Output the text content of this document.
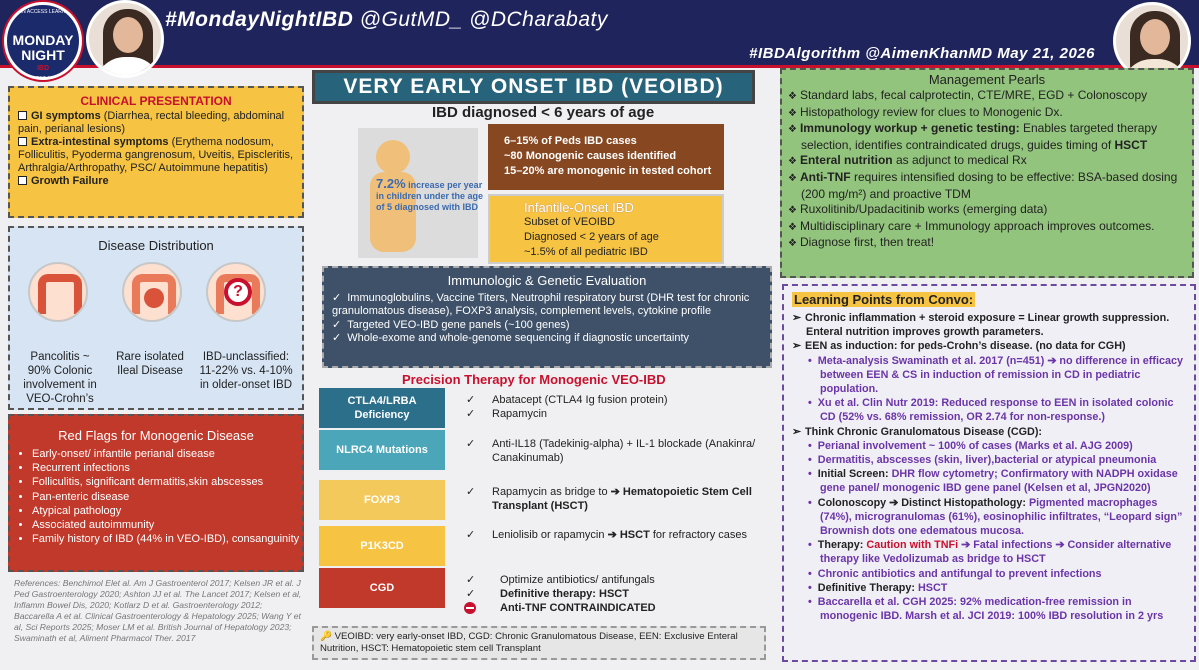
#MondayNightIBD @GutMD_ @DCharabaty
#IBDAlgorithm @AimenKhanMD May 21, 2026
OPEN ACCESS LEARNING
MONDAY NIGHT
IBD
ONE TWEET AT A TIME
CLINICAL PRESENTATION
GI symptoms (Diarrhea, rectal bleeding, abdominal pain, perianal lesions)
Extra-intestinal symptoms (Erythema nodosum, Folliculitis, Pyoderma gangrenosum, Uveitis, Episcleritis, Arthralgia/Arthropathy, PSC/ Autoimmune hepatitis)
Growth Failure
Disease Distribution
?
Pancolitis ~ 90% Colonic involvement in VEO-Crohn’s
Rare isolated Ileal Disease
IBD-unclassified: 11-22% vs. 4-10% in older-onset IBD
Red Flags for Monogenic Disease
• Early-onset/ infantile perianal disease
• Recurrent infections
• Folliculitis, significant dermatitis,skin abscesses
• Pan-enteric disease
• Atypical pathology
• Associated autoimmunity
• Family history of IBD (44% in VEO-IBD), consanguinity
References: Benchimol Elet al. Am J Gastroenterol 2017; Kelsen JR et al. J Ped Gastroenterology 2020; Ashton JJ et al. The Lancet 2017; Kelsen et al, Inflamm Bowel Dis, 2020; Kotlarz D et al. Gastroenterology 2012; Baccarella A et al. Clinical Gastroenterology & Hepatology 2025; Wang Y et al, Sci Reports 2025; Moser LM et al. British Journal of Hepatology 2023; Swaminath et al, Aliment Pharmacol Ther. 2017
VERY EARLY ONSET IBD (VEOIBD)
IBD diagnosed < 6 years of age
7.2% increase per year in children under the age of 5 diagnosed with IBD
6–15% of Peds IBD cases
~80 Monogenic causes identified
15–20% are monogenic in tested cohort
Infantile-Onset IBD
Subset of VEOIBD
Diagnosed < 2 years of age
~1.5% of all pediatric IBD
Immunologic & Genetic Evaluation
✓ Immunoglobulins, Vaccine Titers, Neutrophil respiratory burst (DHR test for chronic granulomatous disease), FOXP3 analysis, complement levels, cytokine profile
✓ Targeted VEO-IBD gene panels (~100 genes)
✓ Whole-exome and whole-genome sequencing if diagnostic uncertainty
Precision Therapy for Monogenic VEO-IBD
CTLA4/LRBA Deficiency
NLRC4 Mutations
FOXP3
P1K3CD
CGD
✓
✓
Abatacept (CTLA4 Ig fusion protein)
Rapamycin
✓ Anti-IL18 (Tadekinig-alpha) + IL-1 blockade (Anakinra/ Canakinumab)
✓ Rapamycin as bridge to ➔ Hematopoietic Stem Cell Transplant (HSCT)
✓ Leniolisib or rapamycin ➔ HSCT for refractory cases
✓
✓
Optimize antibiotics/ antifungals
Definitive therapy: HSCT
Anti-TNF CONTRAINDICATED
🔑 VEOIBD: very early-onset IBD, CGD: Chronic Granulomatous Disease, EEN: Exclusive Enteral Nutrition, HSCT: Hematopoietic stem cell Transplant
Management Pearls
❖ Standard labs, fecal calprotectin, CTE/MRE, EGD + Colonoscopy
❖ Histopathology review for clues to Monogenic Dx.
❖ Immunology workup + genetic testing: Enables targeted therapy selection, identifies contraindicated drugs, guides timing of HSCT
❖ Enteral nutrition as adjunct to medical Rx
❖ Anti-TNF requires intensified dosing to be effective: BSA-based dosing (200 mg/m²) and proactive TDM
❖ Ruxolitinib/Upadacitinib works (emerging data)
❖ Multidisciplinary care + Immunology approach improves outcomes.
❖ Diagnose first, then treat!
Learning Points from Convo:
➢ Chronic inflammation + steroid exposure = Linear growth suppression. Enteral nutrition improves growth parameters.
➢ EEN as induction: for peds-Crohn’s disease. (no data for CGH)
• Meta-analysis Swaminath et al. 2017 (n=451) ➔ no difference in efficacy between EEN & CS in induction of remission in CD in pediatric population.
• Xu et al. Clin Nutr 2019: Reduced response to EEN in isolated colonic CD (52% vs. 68% remission, OR 2.74 for non-response.)
➢ Think Chronic Granulomatous Disease (CGD):
• Perianal involvement ~ 100% of cases (Marks et al. AJG 2009)
• Dermatitis, abscesses (skin, liver),bacterial or atypical pneumonia
• Initial Screen: DHR flow cytometry; Confirmatory with NADPH oxidase gene panel/ monogenic IBD gene panel (Kelsen et al, JPGN2020)
• Colonoscopy ➔ Distinct Histopathology: Pigmented macrophages (74%), microgranulomas (61%), eosinophilic infiltrates, “Leopard sign” Brownish dots one edematous mucosa.
• Therapy: Caution with TNFi ➔ Fatal infections ➔ Consider alternative therapy like Vedolizumab as bridge to HSCT
• Chronic antibiotics and antifungal to prevent infections
• Definitive Therapy: HSCT
• Baccarella et al. CGH 2025: 92% medication-free remission in monogenic IBD. Marsh et al. JCI 2019: 100% IBD resolution in 2 yrs
